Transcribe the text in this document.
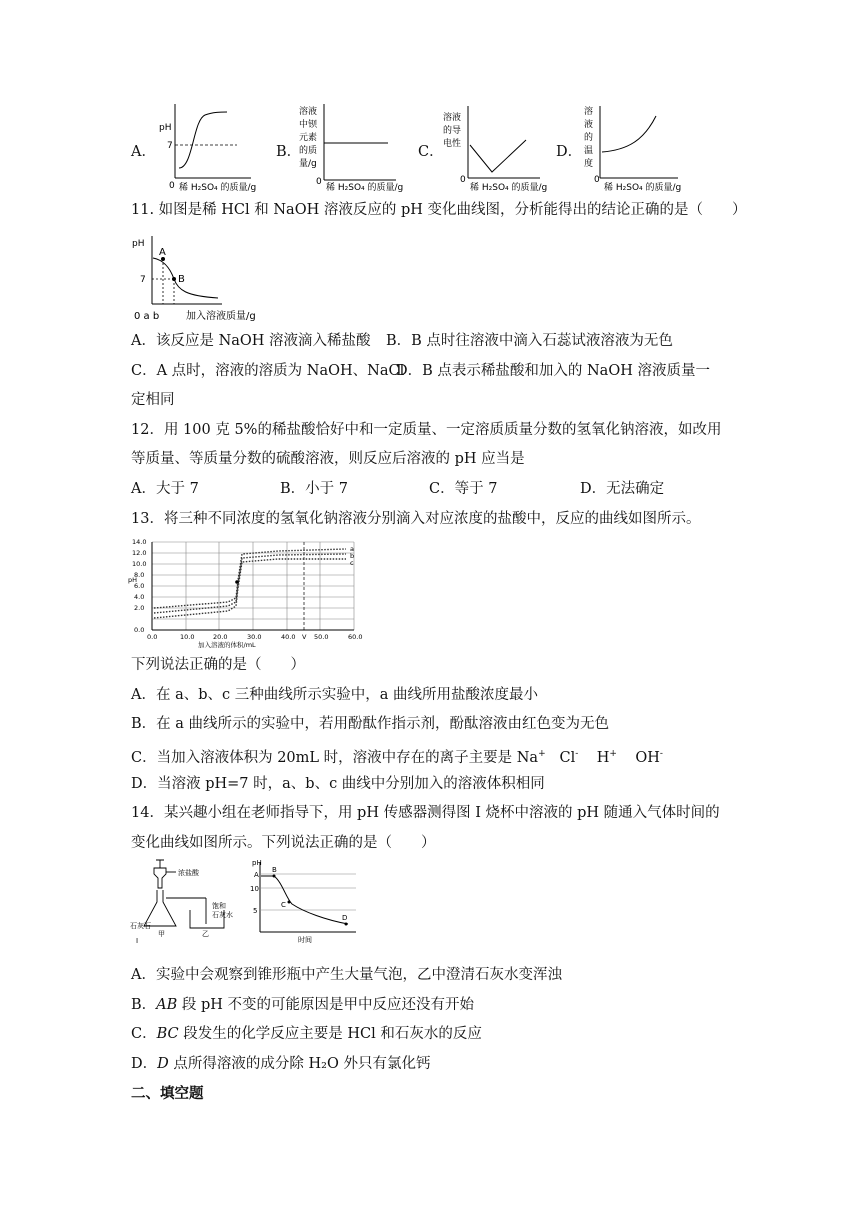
A．
pH
7
0 稀 H₂SO₄ 的质量/g
B．
溶液
中钡
元素
的质
量/g
0
稀 H₂SO₄ 的质量/g
C．
溶液
的导
电性
0
稀 H₂SO₄ 的质量/g
D．
溶
液
的
温
度
0
稀 H₂SO₄ 的质量/g
11. 如图是稀 HCl 和 NaOH 溶液反应的 pH 变化曲线图，分析能得出的结论正确的是（　　）
pH
7
A
B
0 a b	加入溶液质量/g
A．该反应是 NaOH 溶液滴入稀盐酸 B．B 点时往溶液中滴入石蕊试液溶液为无色
C．A 点时，溶液的溶质为 NaOH、NaCl
D．B 点表示稀盐酸和加入的 NaOH 溶液质量一
定相同
12．用 100 克 5%的稀盐酸恰好中和一定质量、一定溶质质量分数的氢氧化钠溶液，如改用
等质量、等质量分数的硫酸溶液，则反应后溶液的 pH 应当是
A．大于 7	B．小于 7	C．等于 7	D．无法确定
13．将三种不同浓度的氢氧化钠溶液分别滴入对应浓度的盐酸中，反应的曲线如图所示。
14.0
12.0
10.0
8.0
6.0
4.0
2.0
0.0
pH
0.0	10.0	20.0	30.0	40.0 V 50.0	60.0
加入溶液的体积/mL
a
b
c
下列说法正确的是（　　）
A．在 a、b、c 三种曲线所示实验中，a 曲线所用盐酸浓度最小
B．在 a 曲线所示的实验中，若用酚酞作指示剂，酚酞溶液由红色变为无色
C．当加入溶液体积为 20mL 时，溶液中存在的离子主要是 Na+ Cl- H+ OH-
D．当溶液 pH=7 时，a、b、c 曲线中分别加入的溶液体积相同
14．某兴趣小组在老师指导下，用 pH 传感器测得图 I 烧杯中溶液的 pH 随通入气体时间的
变化曲线如图所示。下列说法正确的是（　　）
浓盐酸
饱和
石灰水
石灰石
甲	乙
I
pH
10
5
A
B
C
D
时间
A．实验中会观察到锥形瓶中产生大量气泡，乙中澄清石灰水变浑浊
B．AB 段 pH 不变的可能原因是甲中反应还没有开始
C．BC 段发生的化学反应主要是 HCl 和石灰水的反应
D．D 点所得溶液的成分除 H₂O 外只有氯化钙
二、填空题
